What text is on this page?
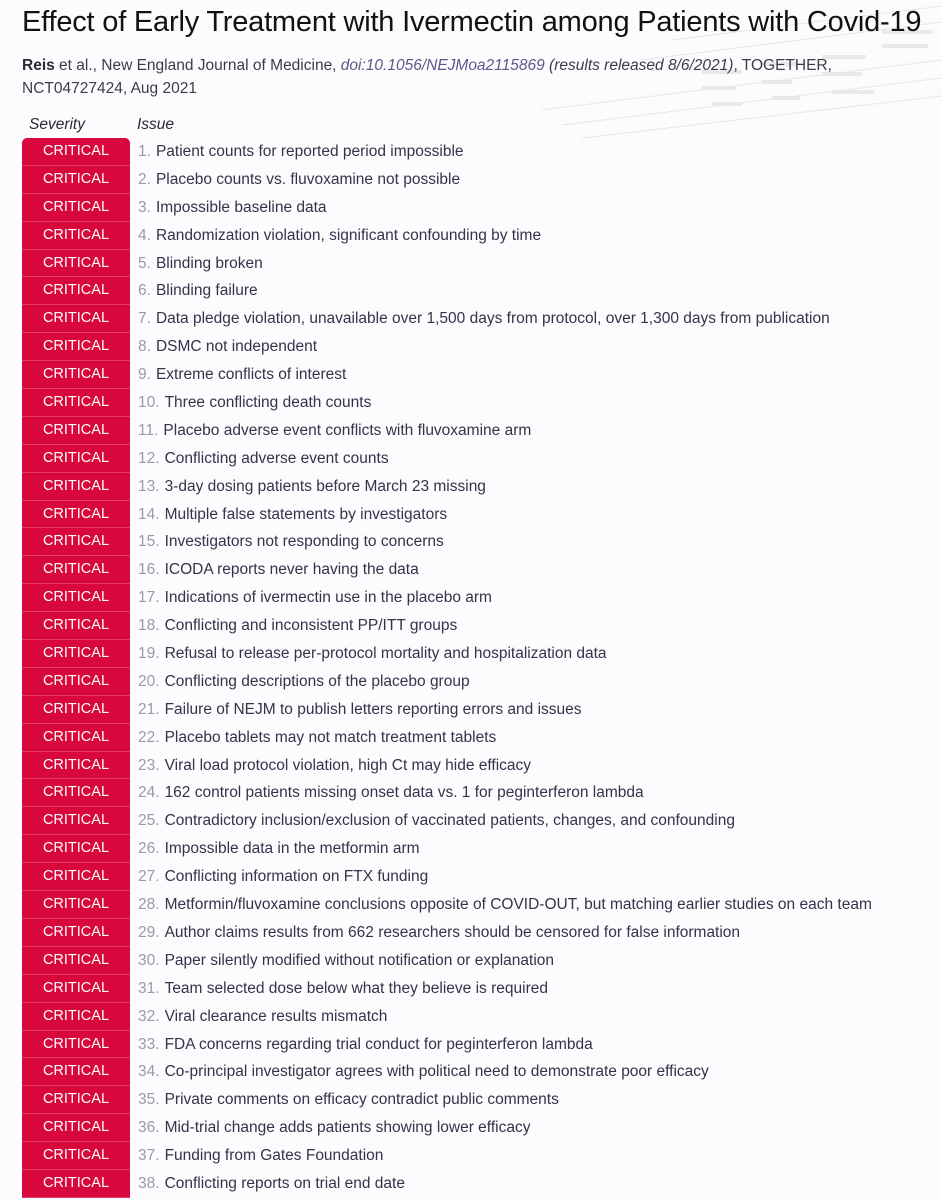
Effect of Early Treatment with Ivermectin among Patients with Covid-19
Reis et al., New England Journal of Medicine, doi:10.1056/NEJMoa2115869 (results released 8/6/2021), TOGETHER, NCT04727424, Aug 2021
Severity	Issue
CRITICAL	1. Patient counts for reported period impossible
CRITICAL	2. Placebo counts vs. fluvoxamine not possible
CRITICAL	3. Impossible baseline data
CRITICAL	4. Randomization violation, significant confounding by time
CRITICAL	5. Blinding broken
CRITICAL	6. Blinding failure
CRITICAL	7. Data pledge violation, unavailable over 1,500 days from protocol, over 1,300 days from publication
CRITICAL	8. DSMC not independent
CRITICAL	9. Extreme conflicts of interest
CRITICAL	10. Three conflicting death counts
CRITICAL	11. Placebo adverse event conflicts with fluvoxamine arm
CRITICAL	12. Conflicting adverse event counts
CRITICAL	13. 3-day dosing patients before March 23 missing
CRITICAL	14. Multiple false statements by investigators
CRITICAL	15. Investigators not responding to concerns
CRITICAL	16. ICODA reports never having the data
CRITICAL	17. Indications of ivermectin use in the placebo arm
CRITICAL	18. Conflicting and inconsistent PP/ITT groups
CRITICAL	19. Refusal to release per-protocol mortality and hospitalization data
CRITICAL	20. Conflicting descriptions of the placebo group
CRITICAL	21. Failure of NEJM to publish letters reporting errors and issues
CRITICAL	22. Placebo tablets may not match treatment tablets
CRITICAL	23. Viral load protocol violation, high Ct may hide efficacy
CRITICAL	24. 162 control patients missing onset data vs. 1 for peginterferon lambda
CRITICAL	25. Contradictory inclusion/exclusion of vaccinated patients, changes, and confounding
CRITICAL	26. Impossible data in the metformin arm
CRITICAL	27. Conflicting information on FTX funding
CRITICAL	28. Metformin/fluvoxamine conclusions opposite of COVID-OUT, but matching earlier studies on each team
CRITICAL	29. Author claims results from 662 researchers should be censored for false information
CRITICAL	30. Paper silently modified without notification or explanation
CRITICAL	31. Team selected dose below what they believe is required
CRITICAL	32. Viral clearance results mismatch
CRITICAL	33. FDA concerns regarding trial conduct for peginterferon lambda
CRITICAL	34. Co-principal investigator agrees with political need to demonstrate poor efficacy
CRITICAL	35. Private comments on efficacy contradict public comments
CRITICAL	36. Mid-trial change adds patients showing lower efficacy
CRITICAL	37. Funding from Gates Foundation
CRITICAL	38. Conflicting reports on trial end date
